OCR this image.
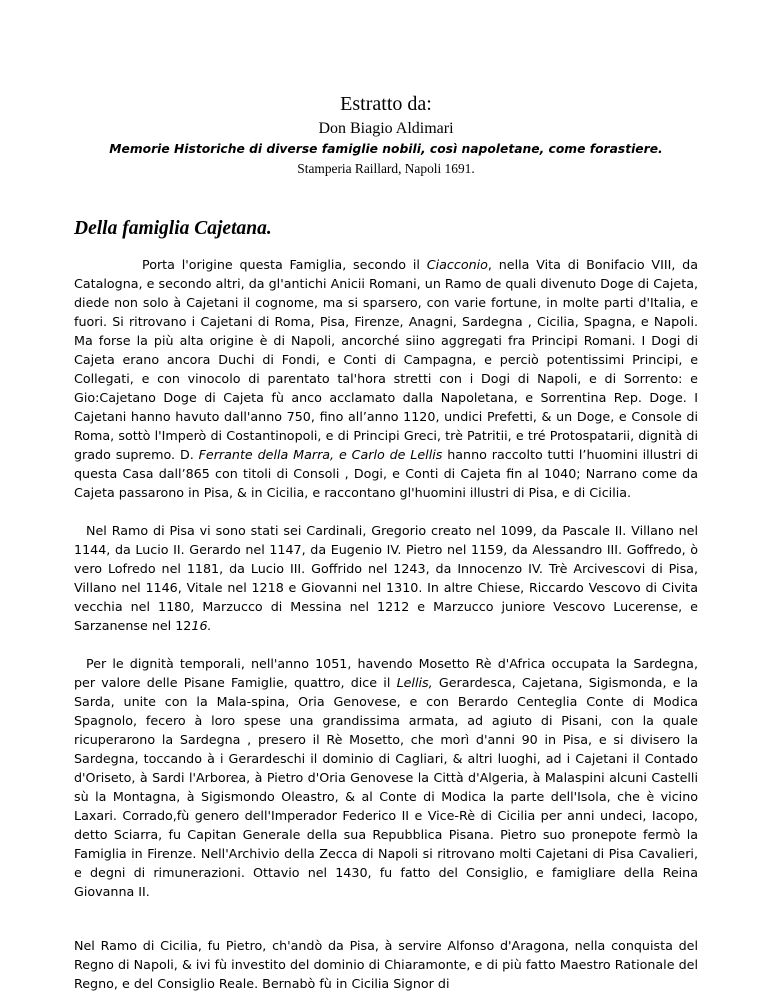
Estratto da:
Don Biagio Aldimari
Memorie Historiche di diverse famiglie nobili, così napoletane, come forastiere.
Stamperia Raillard, Napoli 1691.
Della famiglia Cajetana.

Porta l'origine questa Famiglia, secondo il Ciacconio, nella Vita di Bonifacio VIII, da Catalogna, e secondo altri, da gl'antichi Anicii Romani, un Ramo de quali divenuto Doge di Cajeta, diede non solo à Cajetani il cognome, ma si sparsero, con varie fortune, in molte parti d'Italia, e fuori. Si ritrovano i Cajetani di Roma, Pisa, Firenze, Anagni, Sardegna , Cicilia, Spagna, e Napoli. Ma forse la più alta origine è di Napoli, ancorché siino aggregati fra Principi Romani. I Dogi di Cajeta erano ancora Duchi di Fondi, e Conti di Campagna, e perciò potentissimi Principi, e Collegati, e con vinocolo di parentato tal'hora stretti con i Dogi di Napoli, e di Sorrento: e Gio:Cajetano Doge di Cajeta fù anco acclamato dalla Napoletana, e Sorrentina Rep. Doge. I Cajetani hanno havuto dall'anno 750, fino all’anno 1120, undici Prefetti, & un Doge, e Console di Roma, sottò l'Imperò di Costantinopoli, e di Principi Greci, trè Patritii, e tré Protospatarii, dignità di grado supremo. D. Ferrante della Marra, e Carlo de Lellis hanno raccolto tutti l’huomini illustri di questa Casa dall’865 con titoli di Consoli , Dogi, e Conti di Cajeta fin al 1040; Narrano come da Cajeta passarono in Pisa, & in Cicilia, e raccontano gl'huomini illustri di Pisa, e di Cicilia.

Nel Ramo di Pisa vi sono stati sei Cardinali, Gregorio creato nel 1099, da Pascale II. Villano nel 1144, da Lucio II. Gerardo nel 1147, da Eugenio IV. Pietro nel 1159, da Alessandro III. Goffredo, ò vero Lofredo nel 1181, da Lucio III. Goffrido nel 1243, da Innocenzo IV. Trè Arcivescovi di Pisa, Villano nel 1146, Vitale nel 1218 e Giovanni nel 1310. In altre Chiese, Riccardo Vescovo di Civita vecchia nel 1180, Marzucco di Messina nel 1212 e Marzucco juniore Vescovo Lucerense, e Sarzanense nel 1216.

Per le dignità temporali, nell'anno 1051, havendo Mosetto Rè d'Africa occupata la Sardegna, per valore delle Pisane Famiglie, quattro, dice il Lellis, Gerardesca, Cajetana, Sigismonda, e la Sarda, unite con la Mala-spina, Oria Genovese, e con Berardo Centeglia Conte di Modica Spagnolo, fecero à loro spese una grandissima armata, ad agiuto di Pisani, con la quale ricuperarono la Sardegna , presero il Rè Mosetto, che morì d'anni 90 in Pisa, e si divisero la Sardegna, toccando à i Gerardeschi il dominio di Cagliari, & altri luoghi, ad i Cajetani il Contado d'Oriseto, à Sardi l'Arborea, à Pietro d'Oria Genovese la Città d'Algeria, à Malaspini alcuni Castelli sù la Montagna, à Sigismondo Oleastro, & al Conte di Modica la parte dell'Isola, che è vicino Laxari. Corrado,fù genero dell'Imperador Federico II e Vice-Rè di Cicilia per anni undeci, Iacopo, detto Sciarra, fu Capitan Generale della sua Repubblica Pisana. Pietro suo pronepote fermò la Famiglia in Firenze. Nell'Archivio della Zecca di Napoli si ritrovano molti Cajetani di Pisa Cavalieri, e degni di rimunerazioni. Ottavio nel 1430, fu fatto del Consiglio, e famigliare della Reina Giovanna II.

Nel Ramo di Cicilia, fu Pietro, ch'andò da Pisa, à servire Alfonso d'Aragona, nella conquista del Regno di Napoli, & ivi fù investito del dominio di Chiaramonte, e di più fatto Maestro Rationale del Regno, e del Consiglio Reale. Bernabò fù in Cicilia Signor di
